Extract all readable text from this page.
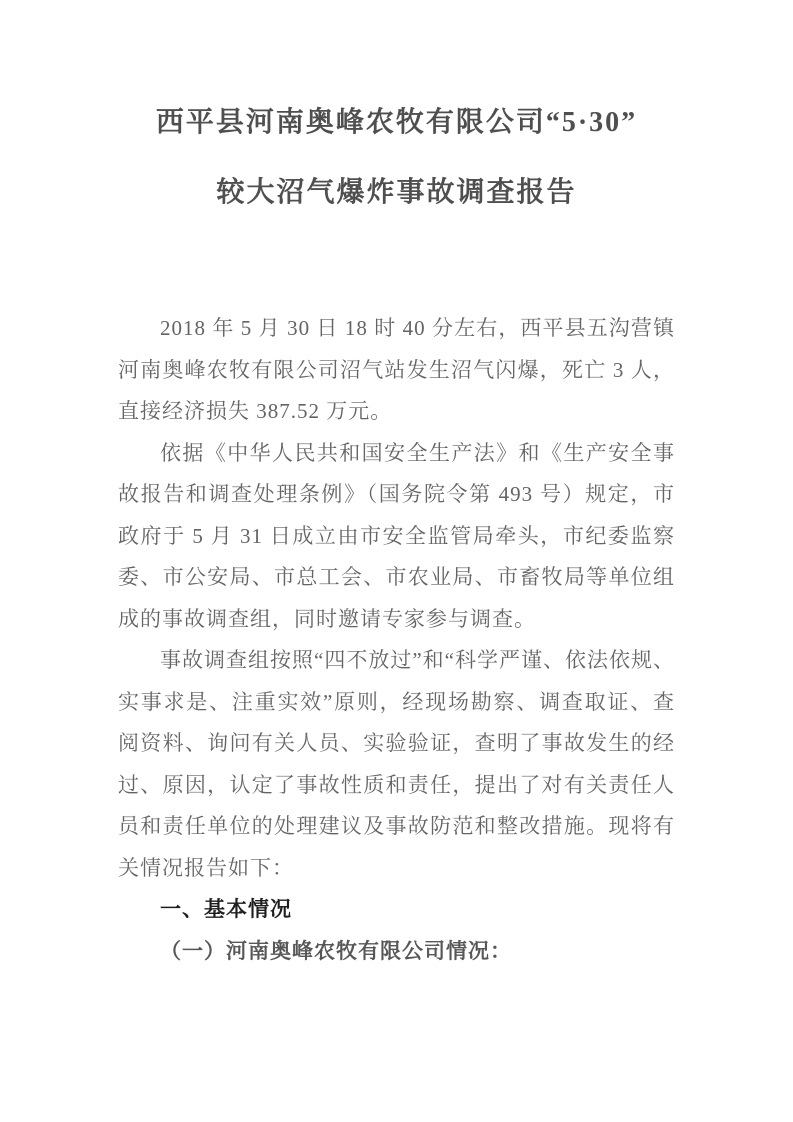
西平县河南奥峰农牧有限公司“5·30”
较大沼气爆炸事故调查报告

2018 年 5 月 30 日 18 时 40 分左右，西平县五沟营镇河南奥峰农牧有限公司沼气站发生沼气闪爆，死亡 3 人，直接经济损失 387.52 万元。

依据《中华人民共和国安全生产法》和《生产安全事故报告和调查处理条例》（国务院令第 493 号）规定，市政府于 5 月 31 日成立由市安全监管局牵头，市纪委监察委、市公安局、市总工会、市农业局、市畜牧局等单位组成的事故调查组，同时邀请专家参与调查。

事故调查组按照“四不放过”和“科学严谨、依法依规、实事求是、注重实效”原则，经现场勘察、调查取证、查阅资料、询问有关人员、实验验证，查明了事故发生的经过、原因，认定了事故性质和责任，提出了对有关责任人员和责任单位的处理建议及事故防范和整改措施。现将有关情况报告如下：

一、基本情况

（一）河南奥峰农牧有限公司情况：
